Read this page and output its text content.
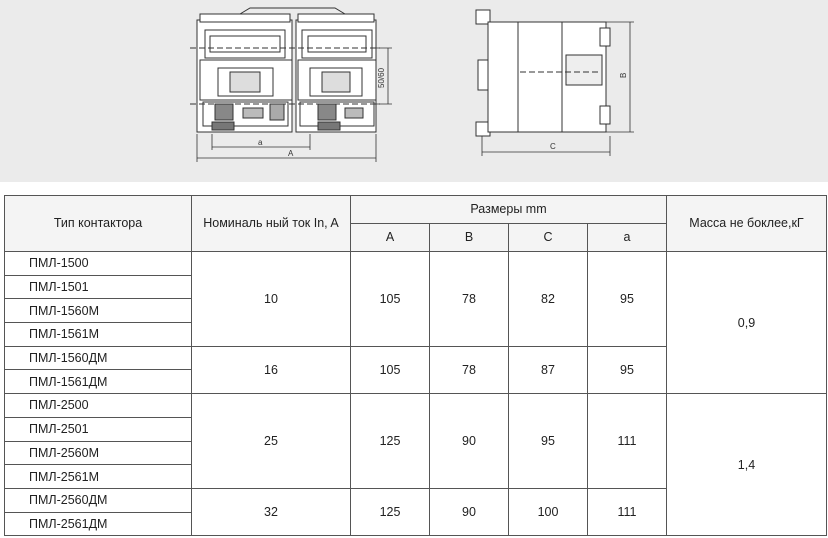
a
A
50/60
C
B
Тип контактора	Номиналь ный ток In, A	Размеры mm				Масса не боклее,кГ
		A	B	C	a	
ПМЛ-1500	10	105	78	82	95	0,9
ПМЛ-1501						
ПМЛ-1560М						
ПМЛ-1561М						
ПМЛ-1560ДМ	16	105	78	87	95	
ПМЛ-1561ДМ						
ПМЛ-2500	25	125	90	95	111	1,4
ПМЛ-2501						
ПМЛ-2560М						
ПМЛ-2561М						
ПМЛ-2560ДМ	32	125	90	100	111	
ПМЛ-2561ДМ						
